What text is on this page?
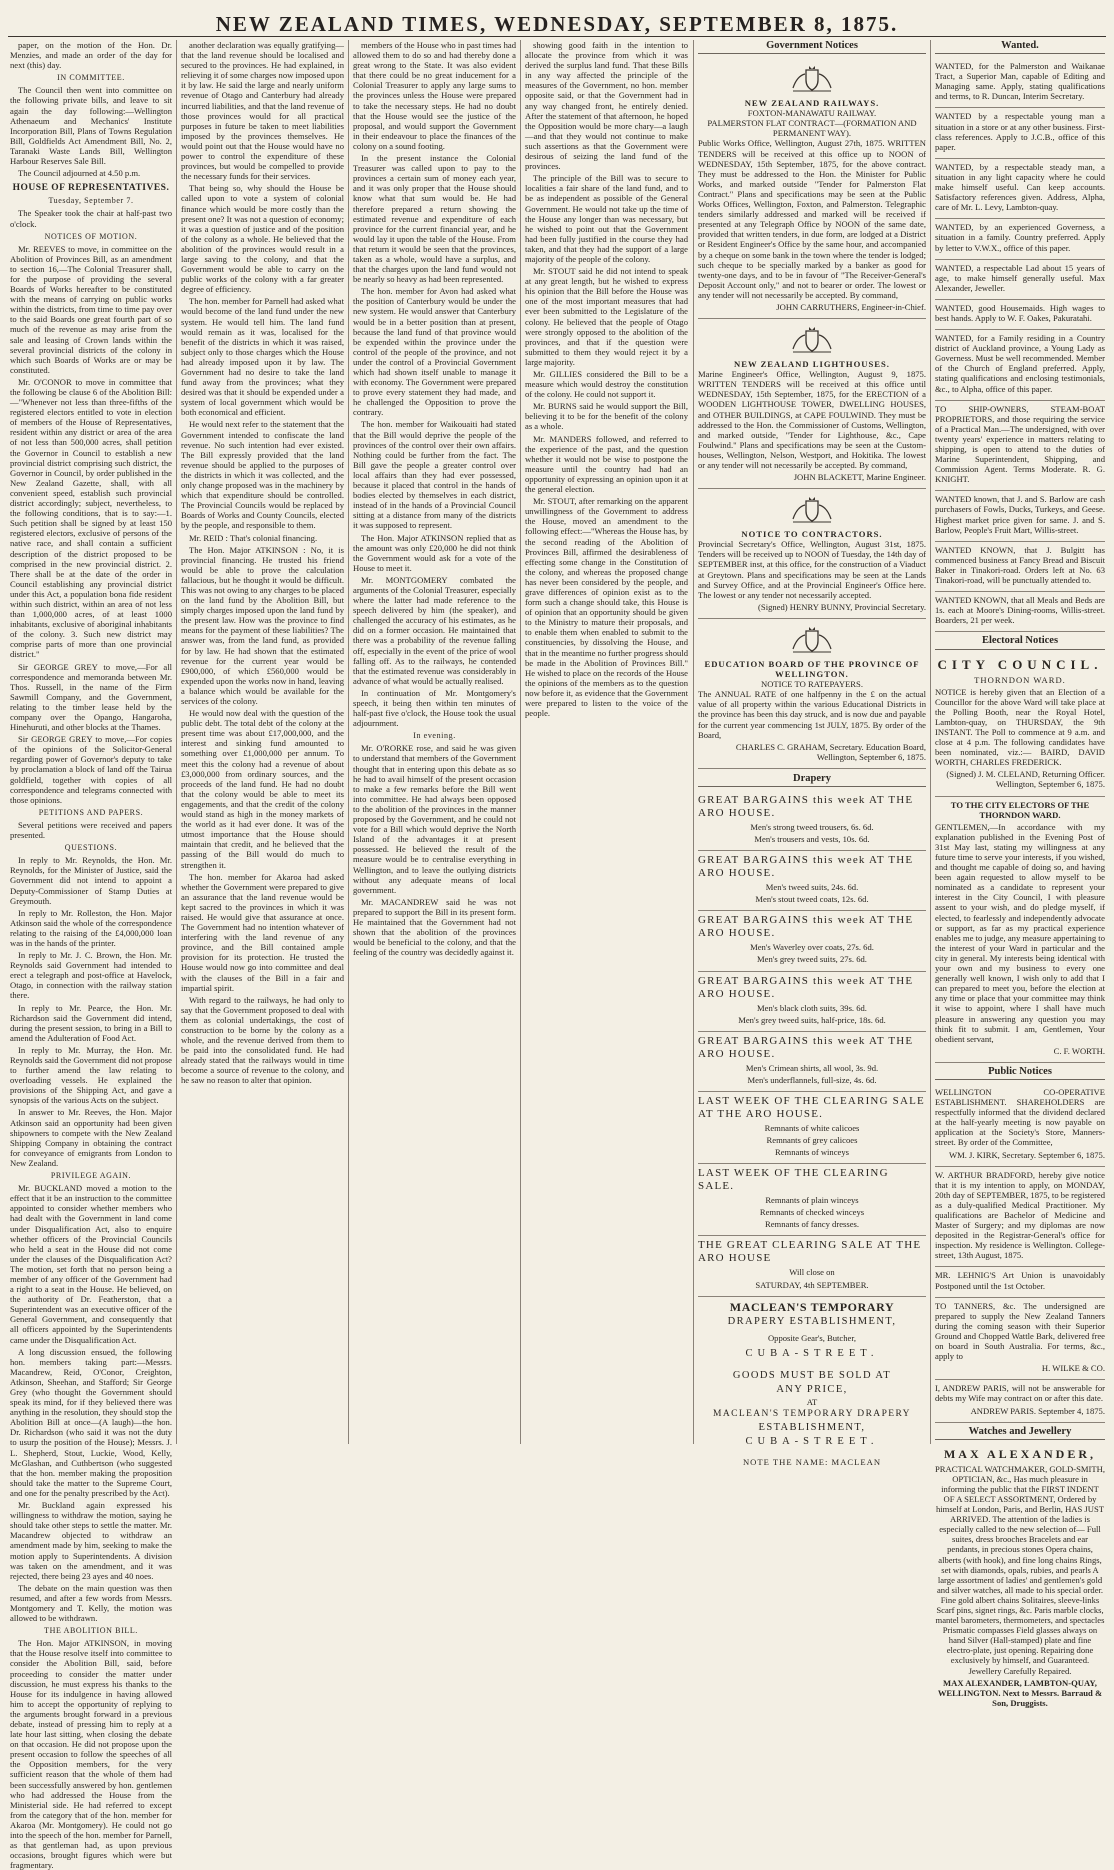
NEW ZEALAND TIMES, WEDNESDAY, SEPTEMBER 8, 1875.

paper, on the motion of the Hon. Dr. Menzies, and made an order of the day for next (this) day.

IN COMMITTEE.

The Council then went into committee on the following private bills, and leave to sit again the day following:—Wellington Athenaeum and Mechanics' Institute Incorporation Bill, Plans of Towns Regulation Bill, Goldfields Act Amendment Bill, No. 2, Taranaki Waste Lands Bill, Wellington Harbour Reserves Sale Bill.

The Council adjourned at 4.50 p.m.

HOUSE OF REPRESENTATIVES.

Tuesday, September 7.

The Speaker took the chair at half-past two o'clock.

NOTICES OF MOTION.

Mr. REEVES to move, in committee on the Abolition of Provinces Bill, as an amendment to section 16,—The Colonial Treasurer shall, for the purpose of providing the several Boards of Works hereafter to be constituted with the means of carrying on public works within the districts, from time to time pay over to the said Boards one great fourth part of so much of the revenue as may arise from the sale and leasing of Crown lands within the several provincial districts of the colony in which such Boards of Works are or may be constituted.

Mr. O'CONOR to move in committee that the following be clause 6 of the Abolition Bill:—"Whenever not less than three-fifths of the registered electors entitled to vote in election of members of the House of Representatives, resident within any district or area of the area of not less than 500,000 acres, shall petition the Governor in Council to establish a new provincial district comprising such district, the Governor in Council, by order published in the New Zealand Gazette, shall, with all convenient speed, establish such provincial district accordingly; subject, nevertheless, to the following conditions, that is to say:—1. Such petition shall be signed by at least 150 registered electors, exclusive of persons of the native race, and shall contain a sufficient description of the district proposed to be comprised in the new provincial district. 2. There shall be at the date of the order in Council establishing any provincial district under this Act, a population bona fide resident within such district, within an area of not less than 1,000,000 acres, of at least 1000 inhabitants, exclusive of aboriginal inhabitants of the colony. 3. Such new district may comprise parts of more than one provincial district."

Sir GEORGE GREY to move,—For all correspondence and memoranda between Mr. Thos. Russell, in the name of the Firm Sawmill Company, and the Government, relating to the timber lease held by the company over the Opango, Hangaroha, Hinehuruti, and other blocks at the Thames.

Sir GEORGE GREY to move,—For copies of the opinions of the Solicitor-General regarding power of Governor's deputy to take by proclamation a block of land off the Tairua goldfield, together with copies of all correspondence and telegrams connected with those opinions.

PETITIONS AND PAPERS.

Several petitions were received and papers presented.

QUESTIONS.

In reply to Mr. Reynolds, the Hon. Mr. Reynolds, for the Minister of Justice, said the Government did not intend to appoint a Deputy-Commissioner of Stamp Duties at Greymouth.

In reply to Mr. Rolleston, the Hon. Major Atkinson said the whole of the correspondence relating to the raising of the £4,000,000 loan was in the hands of the printer.

In reply to Mr. J. C. Brown, the Hon. Mr. Reynolds said Government had intended to erect a telegraph and post-office at Havelock, Otago, in connection with the railway station there.

In reply to Mr. Pearce, the Hon. Mr. Richardson said the Government did intend, during the present session, to bring in a Bill to amend the Adulteration of Food Act.

In reply to Mr. Murray, the Hon. Mr. Reynolds said the Government did not propose to further amend the law relating to overloading vessels. He explained the provisions of the Shipping Act, and gave a synopsis of the various Acts on the subject.

In answer to Mr. Reeves, the Hon. Major Atkinson said an opportunity had been given shipowners to compete with the New Zealand Shipping Company in obtaining the contract for conveyance of emigrants from London to New Zealand.

PRIVILEGE AGAIN.

Mr. BUCKLAND moved a motion to the effect that it be an instruction to the committee appointed to consider whether members who had dealt with the Government in land come under Disqualification Act, also to enquire whether officers of the Provincial Councils who held a seat in the House did not come under the clauses of the Disqualification Act? The motion, set forth that no person being a member of any officer of the Government had a right to a seat in the House. He believed, on the authority of Dr. Featherston, that a Superintendent was an executive officer of the General Government, and consequently that all officers appointed by the Superintendents came under the Disqualification Act.

A long discussion ensued, the following hon. members taking part:—Messrs. Macandrew, Reid, O'Conor, Creighton, Atkinson, Sheehan, and Stafford; Sir George Grey (who thought the Government should speak its mind, for if they believed there was anything in the resolution, they should stop the Abolition Bill at once—(A laugh)—the hon. Dr. Richardson (who said it was not the duty to usurp the position of the House); Messrs. J. L. Shepherd, Stout, Luckie, Wood, Kelly, McGlashan, and Cuthbertson (who suggested that the hon. member making the proposition should take the matter to the Supreme Court, and one for the penalty prescribed by the Act).

Mr. Buckland again expressed his willingness to withdraw the motion, saying he should take other steps to settle the matter. Mr. Macandrew objected to withdraw an amendment made by him, seeking to make the motion apply to Superintendents. A division was taken on the amendment, and it was rejected, there being 23 ayes and 40 noes.

The debate on the main question was then resumed, and after a few words from Messrs. Montgomery and T. Kelly, the motion was allowed to be withdrawn.

THE ABOLITION BILL.

The Hon. Major ATKINSON, in moving that the House resolve itself into committee to consider the Abolition Bill, said, before proceeding to consider the matter under discussion, he must express his thanks to the House for its indulgence in having allowed him to accept the opportunity of replying to the arguments brought forward in a previous debate, instead of pressing him to reply at a late hour last sitting, when closing the debate on that occasion. He did not propose upon the present occasion to follow the speeches of all the Opposition members, for the very sufficient reason that the whole of them had been successfully answered by hon. gentlemen who had addressed the House from the Ministerial side. He had referred to except from the category that of the hon. member for Akaroa (Mr. Montgomery). He could not go into the speech of the hon. member for Parnell, as that gentleman had, as upon previous occasions, brought figures which were but fragmentary.

another declaration was equally gratifying—that the land revenue should be localised and secured to the provinces. He had explained, in relieving it of some charges now imposed upon it by law. He said the large and nearly uniform revenue of Otago and Canterbury had already incurred liabilities, and that the land revenue of those provinces would for all practical purposes in future be taken to meet liabilities imposed by the provinces themselves. He would point out that the House would have no power to control the expenditure of these provinces, but would be compelled to provide the necessary funds for their services.

That being so, why should the House be called upon to vote a system of colonial finance which would be more costly than the present one? It was not a question of economy; it was a question of justice and of the position of the colony as a whole. He believed that the abolition of the provinces would result in a large saving to the colony, and that the Government would be able to carry on the public works of the colony with a far greater degree of efficiency.

The hon. member for Parnell had asked what would become of the land fund under the new system. He would tell him. The land fund would remain as it was, localised for the benefit of the districts in which it was raised, subject only to those charges which the House had already imposed upon it by law. The Government had no desire to take the land fund away from the provinces; what they desired was that it should be expended under a system of local government which would be both economical and efficient.

He would next refer to the statement that the Government intended to confiscate the land revenue. No such intention had ever existed. The Bill expressly provided that the land revenue should be applied to the purposes of the districts in which it was collected, and the only change proposed was in the machinery by which that expenditure should be controlled. The Provincial Councils would be replaced by Boards of Works and County Councils, elected by the people, and responsible to them.

Mr. REID : That's colonial financing.

The Hon. Major ATKINSON : No, it is provincial financing. He trusted his friend would be able to prove the calculation fallacious, but he thought it would be difficult. This was not owing to any charges to be placed on the land fund by the Abolition Bill, but simply charges imposed upon the land fund by the present law. How was the province to find means for the payment of these liabilities? The answer was, from the land fund, as provided for by law. He had shown that the estimated revenue for the current year would be £900,000, of which £560,000 would be expended upon the works now in hand, leaving a balance which would be available for the services of the colony.

He would now deal with the question of the public debt. The total debt of the colony at the present time was about £17,000,000, and the interest and sinking fund amounted to something over £1,000,000 per annum. To meet this the colony had a revenue of about £3,000,000 from ordinary sources, and the proceeds of the land fund. He had no doubt that the colony would be able to meet its engagements, and that the credit of the colony would stand as high in the money markets of the world as it had ever done. It was of the utmost importance that the House should maintain that credit, and he believed that the passing of the Bill would do much to strengthen it.

The hon. member for Akaroa had asked whether the Government were prepared to give an assurance that the land revenue would be kept sacred to the provinces in which it was raised. He would give that assurance at once. The Government had no intention whatever of interfering with the land revenue of any province, and the Bill contained ample provision for its protection. He trusted the House would now go into committee and deal with the clauses of the Bill in a fair and impartial spirit.

With regard to the railways, he had only to say that the Government proposed to deal with them as colonial undertakings, the cost of construction to be borne by the colony as a whole, and the revenue derived from them to be paid into the consolidated fund. He had already stated that the railways would in time become a source of revenue to the colony, and he saw no reason to alter that opinion.

members of the House who in past times had allowed them to do so and had thereby done a great wrong to the State. It was also evident that there could be no great inducement for a Colonial Treasurer to apply any large sums to the provinces unless the House were prepared to take the necessary steps. He had no doubt that the House would see the justice of the proposal, and would support the Government in their endeavour to place the finances of the colony on a sound footing.

In the present instance the Colonial Treasurer was called upon to pay to the provinces a certain sum of money each year, and it was only proper that the House should know what that sum would be. He had therefore prepared a return showing the estimated revenue and expenditure of each province for the current financial year, and he would lay it upon the table of the House. From that return it would be seen that the provinces, taken as a whole, would have a surplus, and that the charges upon the land fund would not be nearly so heavy as had been represented.

The hon. member for Avon had asked what the position of Canterbury would be under the new system. He would answer that Canterbury would be in a better position than at present, because the land fund of that province would be expended within the province under the control of the people of the province, and not under the control of a Provincial Government which had shown itself unable to manage it with economy. The Government were prepared to prove every statement they had made, and he challenged the Opposition to prove the contrary.

The hon. member for Waikouaiti had stated that the Bill would deprive the people of the provinces of the control over their own affairs. Nothing could be further from the fact. The Bill gave the people a greater control over local affairs than they had ever possessed, because it placed that control in the hands of bodies elected by themselves in each district, instead of in the hands of a Provincial Council sitting at a distance from many of the districts it was supposed to represent.

The Hon. Major ATKINSON replied that as the amount was only £20,000 he did not think the Government would ask for a vote of the House to meet it.

Mr. MONTGOMERY combated the arguments of the Colonial Treasurer, especially where the latter had made reference to the speech delivered by him (the speaker), and challenged the accuracy of his estimates, as he did on a former occasion. He maintained that there was a probability of the revenue falling off, especially in the event of the price of wool falling off. As to the railways, he contended that the estimated revenue was considerably in advance of what would be actually realised.

In continuation of Mr. Montgomery's speech, it being then within ten minutes of half-past five o'clock, the House took the usual adjournment.

In evening.

Mr. O'RORKE rose, and said he was given to understand that members of the Government thought that in entering upon this debate as so he had to avail himself of the present occasion to make a few remarks before the Bill went into committee. He had always been opposed to the abolition of the provinces in the manner proposed by the Government, and he could not vote for a Bill which would deprive the North Island of the advantages it at present possessed. He believed the result of the measure would be to centralise everything in Wellington, and to leave the outlying districts without any adequate means of local government.

Mr. MACANDREW said he was not prepared to support the Bill in its present form. He maintained that the Government had not shown that the abolition of the provinces would be beneficial to the colony, and that the feeling of the country was decidedly against it.

showing good faith in the intention to allocate the province from which it was derived the surplus land fund. That these Bills in any way affected the principle of the measures of the Government, no hon. member opposite said, or that the Government had in any way changed front, he entirely denied. After the statement of that afternoon, he hoped the Opposition would be more chary—a laugh—and that they would not continue to make such assertions as that the Government were desirous of seizing the land fund of the provinces.

The principle of the Bill was to secure to localities a fair share of the land fund, and to be as independent as possible of the General Government. He would not take up the time of the House any longer than was necessary, but he wished to point out that the Government had been fully justified in the course they had taken, and that they had the support of a large majority of the people of the colony.

Mr. STOUT said he did not intend to speak at any great length, but he wished to express his opinion that the Bill before the House was one of the most important measures that had ever been submitted to the Legislature of the colony. He believed that the people of Otago were strongly opposed to the abolition of the provinces, and that if the question were submitted to them they would reject it by a large majority.

Mr. GILLIES considered the Bill to be a measure which would destroy the constitution of the colony. He could not support it.

Mr. BURNS said he would support the Bill, believing it to be for the benefit of the colony as a whole.

Mr. MANDERS followed, and referred to the experience of the past, and the question whether it would not be wise to postpone the measure until the country had had an opportunity of expressing an opinion upon it at the general election.

Mr. STOUT, after remarking on the apparent unwillingness of the Government to address the House, moved an amendment to the following effect:—"Whereas the House has, by the second reading of the Abolition of Provinces Bill, affirmed the desirableness of effecting some change in the Constitution of the colony, and whereas the proposed change has never been considered by the people, and grave differences of opinion exist as to the form such a change should take, this House is of opinion that an opportunity should be given to the Ministry to mature their proposals, and to enable them when enabled to submit to the constituencies, by dissolving the House, and that in the meantime no further progress should be made in the Abolition of Provinces Bill." He wished to place on the records of the House the opinions of the members as to the question now before it, as evidence that the Government were prepared to listen to the voice of the people.

Government Notices

NEW ZEALAND RAILWAYS.

FOXTON-MANAWATU RAILWAY.

PALMERSTON FLAT CONTRACT—(FORMATION AND PERMANENT WAY).

Public Works Office, Wellington, August 27th, 1875. WRITTEN TENDERS will be received at this office up to NOON of WEDNESDAY, 15th September, 1875, for the above contract. They must be addressed to the Hon. the Minister for Public Works, and marked outside "Tender for Palmerston Flat Contract." Plans and specifications may be seen at the Public Works Offices, Wellington, Foxton, and Palmerston. Telegraphic tenders similarly addressed and marked will be received if presented at any Telegraph Office by NOON of the same date, provided that written tenders, in due form, are lodged at a District or Resident Engineer's Office by the same hour, and accompanied by a cheque on some bank in the town where the tender is lodged; such cheque to be specially marked by a banker as good for twenty-one days, and to be in favour of "The Receiver-General's Deposit Account only," and not to bearer or order. The lowest or any tender will not necessarily be accepted. By command,

JOHN CARRUTHERS, Engineer-in-Chief.

NEW ZEALAND LIGHTHOUSES.

Marine Engineer's Office, Wellington, August 9, 1875. WRITTEN TENDERS will be received at this office until WEDNESDAY, 15th September, 1875, for the ERECTION of a WOODEN LIGHTHOUSE TOWER, DWELLING HOUSES, and OTHER BUILDINGS, at CAPE FOULWIND. They must be addressed to the Hon. the Commissioner of Customs, Wellington, and marked outside, "Tender for Lighthouse, &c., Cape Foulwind." Plans and specifications may be seen at the Custom-houses, Wellington, Nelson, Westport, and Hokitika. The lowest or any tender will not necessarily be accepted. By command,

JOHN BLACKETT, Marine Engineer.

NOTICE TO CONTRACTORS.

Provincial Secretary's Office, Wellington, August 31st, 1875. Tenders will be received up to NOON of Tuesday, the 14th day of SEPTEMBER inst, at this office, for the construction of a Viaduct at Greytown. Plans and specifications may be seen at the Lands and Survey Office, and at the Provincial Engineer's Office here. The lowest or any tender not necessarily accepted.

(Signed) HENRY BUNNY, Provincial Secretary.

EDUCATION BOARD OF THE PROVINCE OF WELLINGTON.

NOTICE TO RATEPAYERS.

The ANNUAL RATE of one halfpenny in the £ on the actual value of all property within the various Educational Districts in the province has been this day struck, and is now due and payable for the current year commencing 1st JULY, 1875. By order of the Board,

CHARLES C. GRAHAM, Secretary. Education Board, Wellington, September 6, 1875.

Drapery

GREAT BARGAINS this week AT THE ARO HOUSE.

Men's strong tweed trousers, 6s. 6d.

Men's trousers and vests, 10s. 6d.

GREAT BARGAINS this week AT THE ARO HOUSE.

Men's tweed suits, 24s. 6d.

Men's stout tweed coats, 12s. 6d.

GREAT BARGAINS this week AT THE ARO HOUSE.

Men's Waverley over coats, 27s. 6d.

Men's grey tweed suits, 27s. 6d.

GREAT BARGAINS this week AT THE ARO HOUSE.

Men's black cloth suits, 39s. 6d.

Men's grey tweed suits, half-price, 18s. 6d.

GREAT BARGAINS this week AT THE ARO HOUSE.

Men's Crimean shirts, all wool, 3s. 9d.

Men's underflannels, full-size, 4s. 6d.

LAST WEEK OF THE CLEARING SALE AT THE ARO HOUSE.

Remnants of white calicoes

Remnants of grey calicoes

Remnants of winceys

LAST WEEK OF THE CLEARING SALE.

Remnants of plain winceys

Remnants of checked winceys

Remnants of fancy dresses.

THE GREAT CLEARING SALE AT THE ARO HOUSE

Will close on

SATURDAY, 4th SEPTEMBER.

MACLEAN'S TEMPORARY

DRAPERY ESTABLISHMENT,

Opposite Gear's, Butcher,

CUBA-STREET.

GOODS MUST BE SOLD AT

ANY PRICE,

AT

MACLEAN'S TEMPORARY DRAPERY

ESTABLISHMENT,

CUBA-STREET.

NOTE THE NAME: MACLEAN

Wanted.

WANTED, for the Palmerston and Waikanae Tract, a Superior Man, capable of Editing and Managing same. Apply, stating qualifications and terms, to R. Duncan, Interim Secretary.

WANTED by a respectable young man a situation in a store or at any other business. First-class references. Apply to J.C.B., office of this paper.

WANTED, by a respectable steady man, a situation in any light capacity where he could make himself useful. Can keep accounts. Satisfactory references given. Address, Alpha, care of Mr. L. Levy, Lambton-quay.

WANTED, by an experienced Governess, a situation in a family. Country preferred. Apply by letter to V.W.X., office of this paper.

WANTED, a respectable Lad about 15 years of age, to make himself generally useful. Max Alexander, Jeweller.

WANTED, good Housemaids. High wages to best hands. Apply to W. F. Oakes, Pakuratahi.

WANTED, for a Family residing in a Country district of Auckland province, a Young Lady as Governess. Must be well recommended. Member of the Church of England preferred. Apply, stating qualifications and enclosing testimonials, &c., to Alpha, office of this paper.

TO SHIP-OWNERS, STEAM-BOAT PROPRIETORS, and those requiring the service of a Practical Man.—The undersigned, with over twenty years' experience in matters relating to shipping, is open to attend to the duties of Marine Superintendent, Shipping, and Commission Agent. Terms Moderate. R. G. KNIGHT.

WANTED known, that J. and S. Barlow are cash purchasers of Fowls, Ducks, Turkeys, and Geese. Highest market price given for same. J. and S. Barlow, People's Fruit Mart, Willis-street.

WANTED KNOWN, that J. Bulgitt has commenced business at Fancy Bread and Biscuit Baker in Tinakori-road. Orders left at No. 63 Tinakori-road, will be punctually attended to.

WANTED KNOWN, that all Meals and Beds are 1s. each at Moore's Dining-rooms, Willis-street. Boarders, 21 per week.

Electoral Notices

CITY COUNCIL.

THORNDON WARD.

NOTICE is hereby given that an Election of a Councillor for the above Ward will take place at the Polling Booth, near the Royal Hotel, Lambton-quay, on THURSDAY, the 9th INSTANT. The Poll to commence at 9 a.m. and close at 4 p.m. The following candidates have been nominated, viz.:— BAIRD, DAVID WORTH, CHARLES FREDERICK.

(Signed) J. M. CLELAND, Returning Officer. Wellington, September 6, 1875.

TO THE CITY ELECTORS OF THE THORNDON WARD.

GENTLEMEN,—In accordance with my explanation published in the Evening Post of 31st May last, stating my willingness at any future time to serve your interests, if you wished, and thought me capable of doing so, and having been again requested to allow myself to be nominated as a candidate to represent your interest in the City Council, I with pleasure assent to your wish, and do pledge myself, if elected, to fearlessly and independently advocate or support, as far as my practical experience enables me to judge, any measure appertaining to the interest of your Ward in particular and the city in general. My interests being identical with your own and my business to every one generally well known, I wish only to add that I can prepared to meet you, before the election at any time or place that your committee may think it wise to appoint, where I shall have much pleasure in answering any question you may think fit to submit. I am, Gentlemen, Your obedient servant,

C. F. WORTH.

Public Notices

WELLINGTON CO-OPERATIVE ESTABLISHMENT. SHAREHOLDERS are respectfully informed that the dividend declared at the half-yearly meeting is now payable on application at the Society's Store, Manners-street. By order of the Committee,

WM. J. KIRK, Secretary. September 6, 1875.

W. ARTHUR BRADFORD, hereby give notice that it is my intention to apply, on MONDAY, 20th day of SEPTEMBER, 1875, to be registered as a duly-qualified Medical Practitioner. My qualifications are Bachelor of Medicine and Master of Surgery; and my diplomas are now deposited in the Registrar-General's office for inspection. My residence is Wellington. College-street, 13th August, 1875.

MR. LEHNIG'S Art Union is unavoidably Postponed until the 1st October.

TO TANNERS, &c. The undersigned are prepared to supply the New Zealand Tanners during the coming season with their Superior Ground and Chopped Wattle Bark, delivered free on board in South Australia. For terms, &c., apply to

H. WILKE & CO.

I, ANDREW PARIS, will not be answerable for debts my Wife may contract on or after this date.

ANDREW PARIS. September 4, 1875.

Watches and Jewellery

MAX ALEXANDER,

PRACTICAL WATCHMAKER, GOLD-SMITH, OPTICIAN, &c., Has much pleasure in informing the public that the FIRST INDENT OF A SELECT ASSORTMENT, Ordered by himself at London, Paris, and Berlin, HAS JUST ARRIVED. The attention of the ladies is especially called to the new selection of— Full suites, dress brooches Bracelets and ear pendants, in precious stones Opera chains, alberts (with hook), and fine long chains Rings, set with diamonds, opals, rubies, and pearls A large assortment of ladies' and gentlemen's gold and silver watches, all made to his special order. Fine gold albert chains Solitaires, sleeve-links Scarf pins, signet rings, &c. Paris marble clocks, mantel barometers, thermometers, and spectacles Prismatic compasses Field glasses always on hand Silver (Hall-stamped) plate and fine electro-plate, just opening. Repairing done exclusively by himself, and Guaranteed. Jewellery Carefully Repaired.

MAX ALEXANDER, LAMBTON-QUAY, WELLINGTON. Next to Messrs. Barraud & Son, Druggists.
